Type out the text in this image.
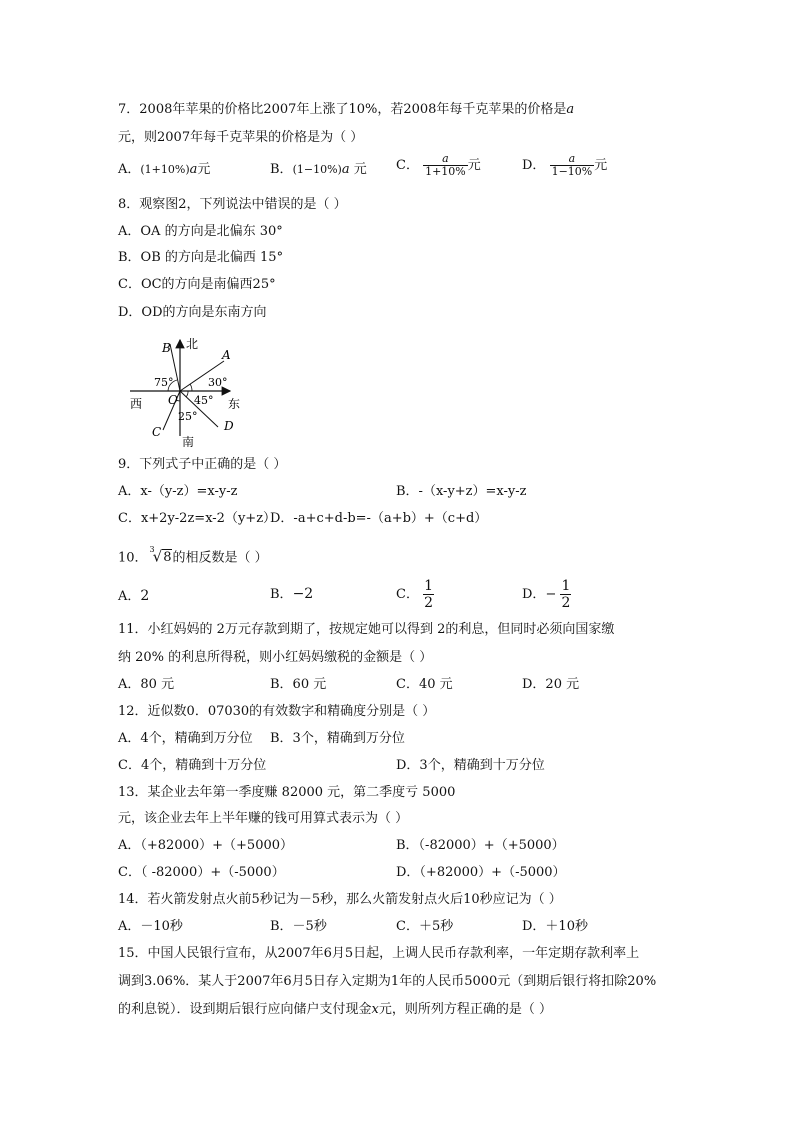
7．2008年苹果的价格比2007年上涨了10%，若2008年每千克苹果的价格是a
元，则2007年每千克苹果的价格是为（ ）
A．(1+10%)a元	B．(1−10%)a 元 C． $\frac{a}{1+10\%}$ 元	D． $\frac{a}{1-10\%}$ 元
8．观察图2，下列说法中错误的是（ ）
A．OA 的方向是北偏东 30°
B．OB 的方向是北偏西 15°
C．OC的方向是南偏西25°
D．OD的方向是东南方向
北
南
东
西 O
A
B
C	D
75°	30°
45°
25°
9．下列式子中正确的是（ ）
A．x-（y-z）=x-y-z	B．-（x-y+z）=x-y-z
C．x+2y-2z=x-2（y+z）
D．-a+c+d-b=-（a+b）+（c+d）
10．$^3$√8的相反数是（ ）
A．2	B．−2	C． $\frac{1}{2}$	D．− $\frac{1}{2}$
11．小红妈妈的 2万元存款到期了，按规定她可以得到 2的利息，但同时必须向国家缴
纳 20% 的利息所得税，则小红妈妈缴税的金额是（ ）
A．80 元	B．60 元	C．40 元	D．20 元
12．近似数0．07030的有效数字和精确度分别是（ ）
A．4个，精确到万分位 B．3个，精确到万分位
C．4个，精确到十万分位	D．3个，精确到十万分位
13．某企业去年第一季度赚 82000 元，第二季度亏 5000
元，该企业去年上半年赚的钱可用算式表示为（ ）
A．（+82000）+（+5000）	B．（-82000）+（+5000）
C．（ -82000）+（-5000）	D．（+82000）+（-5000）
14．若火箭发射点火前5秒记为－5秒，那么火箭发射点火后10秒应记为（ ）
A．－10秒	B．－5秒	C．＋5秒	D．＋10秒
15．中国人民银行宣布，从2007年6月5日起，上调人民币存款利率，一年定期存款利率上
调到3.06%．某人于2007年6月5日存入定期为1年的人民币5000元（到期后银行将扣除20%
的利息锐）．设到期后银行应向储户支付现金x元，则所列方程正确的是（ ）
